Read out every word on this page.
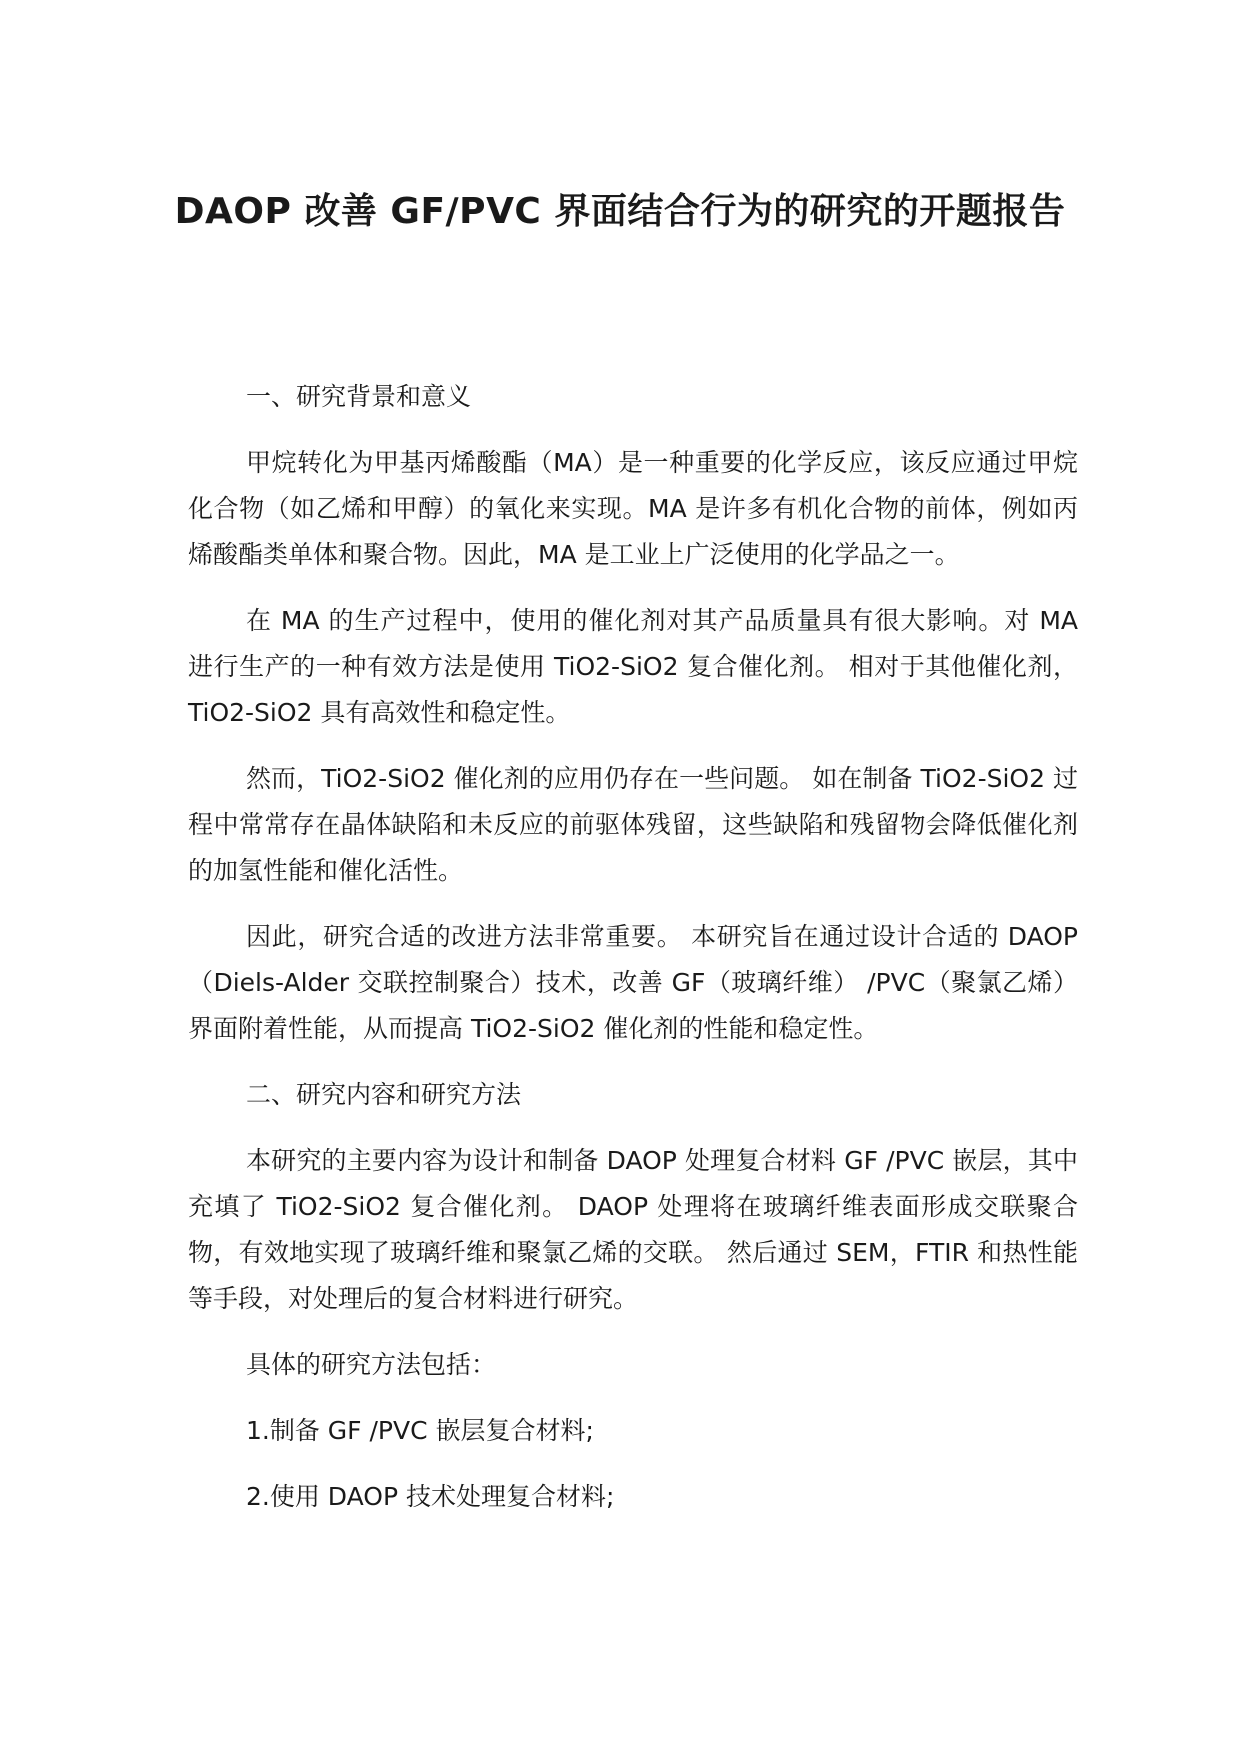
DAOP 改善 GF/PVC 界面结合行为的研究的开题报告

一、研究背景和意义

甲烷转化为甲基丙烯酸酯（MA）是一种重要的化学反应，该反应通过甲烷化合物（如乙烯和甲醇）的氧化来实现。MA 是许多有机化合物的前体，例如丙烯酸酯类单体和聚合物。因此，MA 是工业上广泛使用的化学品之一。

在 MA 的生产过程中，使用的催化剂对其产品质量具有很大影响。对 MA 进行生产的一种有效方法是使用 TiO2-SiO2 复合催化剂。 相对于其他催化剂，TiO2-SiO2 具有高效性和稳定性。

然而，TiO2-SiO2 催化剂的应用仍存在一些问题。 如在制备 TiO2-SiO2 过程中常常存在晶体缺陷和未反应的前驱体残留，这些缺陷和残留物会降低催化剂的加氢性能和催化活性。

因此，研究合适的改进方法非常重要。 本研究旨在通过设计合适的 DAOP（Diels-Alder 交联控制聚合）技术，改善 GF（玻璃纤维） /PVC（聚氯乙烯）界面附着性能，从而提高 TiO2-SiO2 催化剂的性能和稳定性。

二、研究内容和研究方法

本研究的主要内容为设计和制备 DAOP 处理复合材料 GF /PVC 嵌层，其中充填了 TiO2-SiO2 复合催化剂。 DAOP 处理将在玻璃纤维表面形成交联聚合物，有效地实现了玻璃纤维和聚氯乙烯的交联。 然后通过 SEM，FTIR 和热性能等手段，对处理后的复合材料进行研究。

具体的研究方法包括：

1.制备 GF /PVC 嵌层复合材料;

2.使用 DAOP 技术处理复合材料;
